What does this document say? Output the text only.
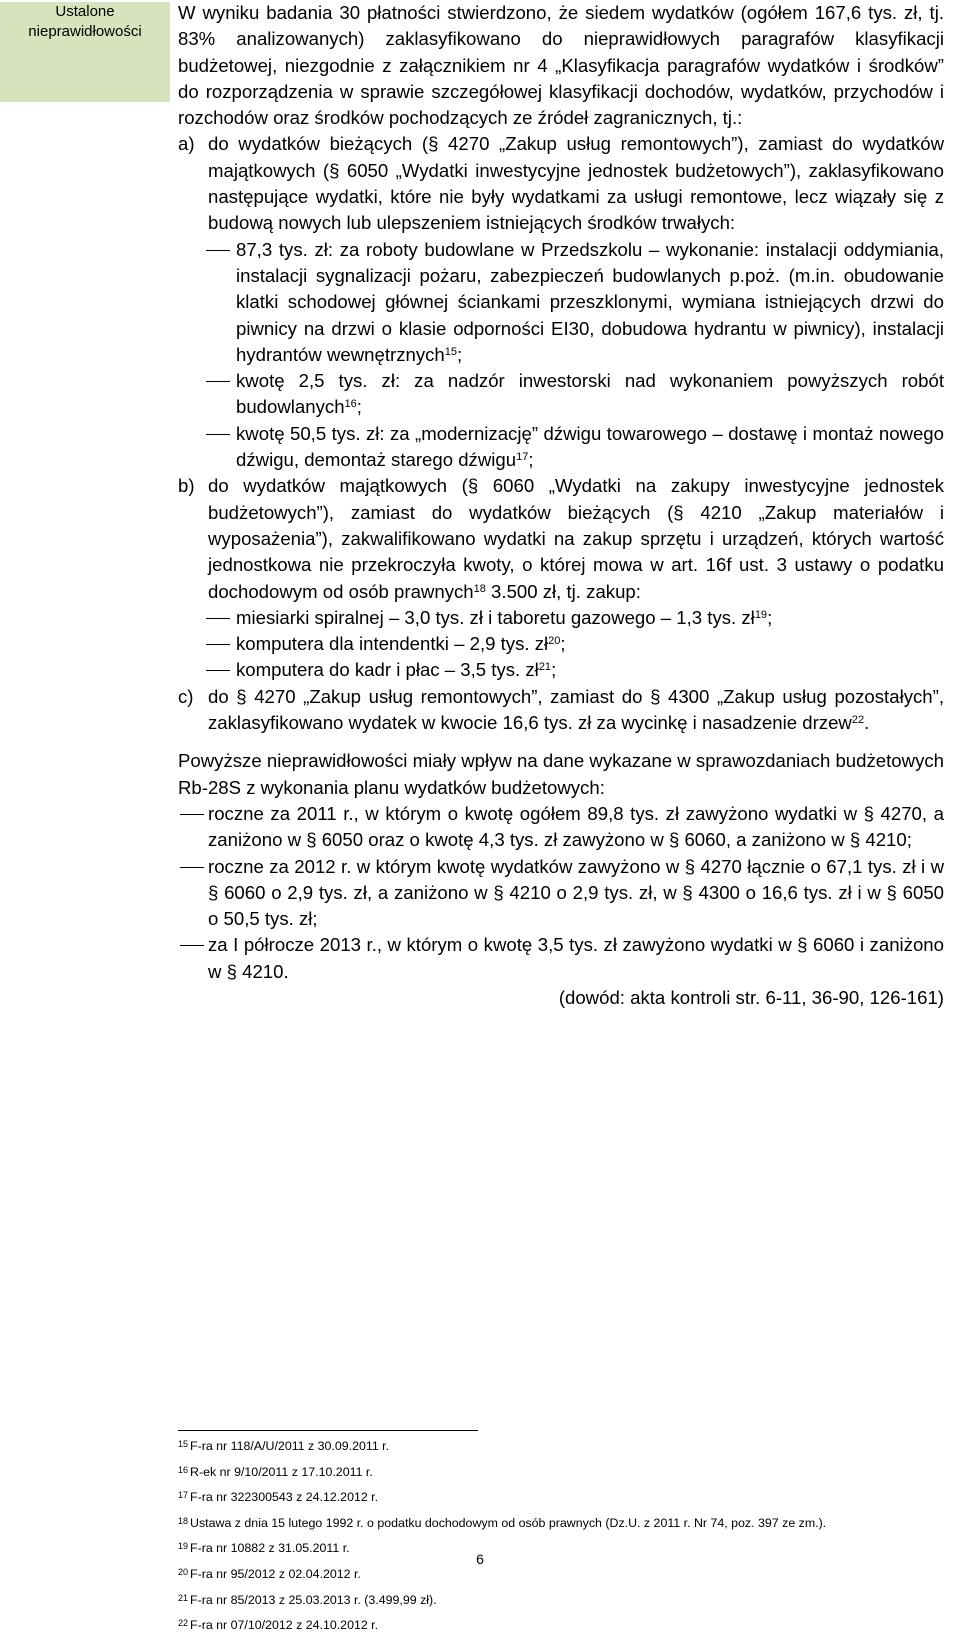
Ustalone
nieprawidłowości

W wyniku badania 30 płatności stwierdzono, że siedem wydatków (ogółem 167,6 tys. zł, tj. 83% analizowanych) zaklasyfikowano do nieprawidłowych paragrafów klasyfikacji budżetowej, niezgodnie z załącznikiem nr 4 „Klasyfikacja paragrafów wydatków i środków” do rozporządzenia w sprawie szczegółowej klasyfikacji dochodów, wydatków, przychodów i rozchodów oraz środków pochodzących ze źródeł zagranicznych, tj.:

a) do wydatków bieżących (§ 4270 „Zakup usług remontowych”), zamiast do wydatków majątkowych (§ 6050 „Wydatki inwestycyjne jednostek budżetowych”), zaklasyfikowano następujące wydatki, które nie były wydatkami za usługi remontowe, lecz wiązały się z budową nowych lub ulepszeniem istniejących środków trwałych:

87,3 tys. zł: za roboty budowlane w Przedszkolu – wykonanie: instalacji oddymiania, instalacji sygnalizacji pożaru, zabezpieczeń budowlanych p.poż. (m.in. obudowanie klatki schodowej głównej ściankami przeszklonymi, wymiana istniejących drzwi do piwnicy na drzwi o klasie odporności EI30, dobudowa hydrantu w piwnicy), instalacji hydrantów wewnętrznych$^{15}$;
kwotę 2,5 tys. zł: za nadzór inwestorski nad wykonaniem powyższych robót budowlanych$^{16}$;
kwotę 50,5 tys. zł: za „modernizację” dźwigu towarowego – dostawę i montaż nowego dźwigu, demontaż starego dźwigu$^{17}$;
b) do wydatków majątkowych (§ 6060 „Wydatki na zakupy inwestycyjne jednostek budżetowych”), zamiast do wydatków bieżących (§ 4210 „Zakup materiałów i wyposażenia”), zakwalifikowano wydatki na zakup sprzętu i urządzeń, których wartość jednostkowa nie przekroczyła kwoty, o której mowa w art. 16f ust. 3 ustawy o podatku dochodowym od osób prawnych$^{18}$ 3.500 zł, tj. zakup:

miesiarki spiralnej – 3,0 tys. zł i taboretu gazowego – 1,3 tys. $zł^{19}$;
komputera dla intendentki – 2,9 tys. $zł^{20}$;
komputera do kadr i płac – 3,5 tys. $zł^{21}$;
c) do § 4270 „Zakup usług remontowych”, zamiast do § 4300 „Zakup usług pozostałych”, zaklasyfikowano wydatek w kwocie 16,6 tys. zł za wycinkę i nasadzenie drzew$^{22}$.

Powyższe nieprawidłowości miały wpływ na dane wykazane w sprawozdaniach budżetowych Rb-28S z wykonania planu wydatków budżetowych:

roczne za 2011 r., w którym o kwotę ogółem 89,8 tys. zł zawyżono wydatki w § 4270, a zaniżono w § 6050 oraz o kwotę 4,3 tys. zł zawyżono w § 6060, a zaniżono w § 4210;
roczne za 2012 r. w którym kwotę wydatków zawyżono w § 4270 łącznie o 67,1 tys. zł i w § 6060 o 2,9 tys. zł, a zaniżono w § 4210 o 2,9 tys. zł, w § 4300 o 16,6 tys. zł i w § 6050 o 50,5 tys. zł;
za I półrocze 2013 r., w którym o kwotę 3,5 tys. zł zawyżono wydatki w § 6060 i zaniżono w § 4210.

(dowód: akta kontroli str. 6-11, 36-90, 126-161)

$^{15}$ F-ra nr 118/A/U/2011 z 30.09.2011 r.
$^{16}$ R-ek nr 9/10/2011 z 17.10.2011 r.
$^{17}$ F-ra nr 322300543 z 24.12.2012 r.
$^{18}$ Ustawa z dnia 15 lutego 1992 r. o podatku dochodowym od osób prawnych (Dz.U. z 2011 r. Nr 74, poz. 397 ze zm.).
$^{19}$ F-ra nr 10882 z 31.05.2011 r.
$^{20}$ F-ra nr 95/2012 z 02.04.2012 r.
$^{21}$ F-ra nr 85/2013 z 25.03.2013 r. (3.499,99 zł).
$^{22}$ F-ra nr 07/10/2012 z 24.10.2012 r.
6
